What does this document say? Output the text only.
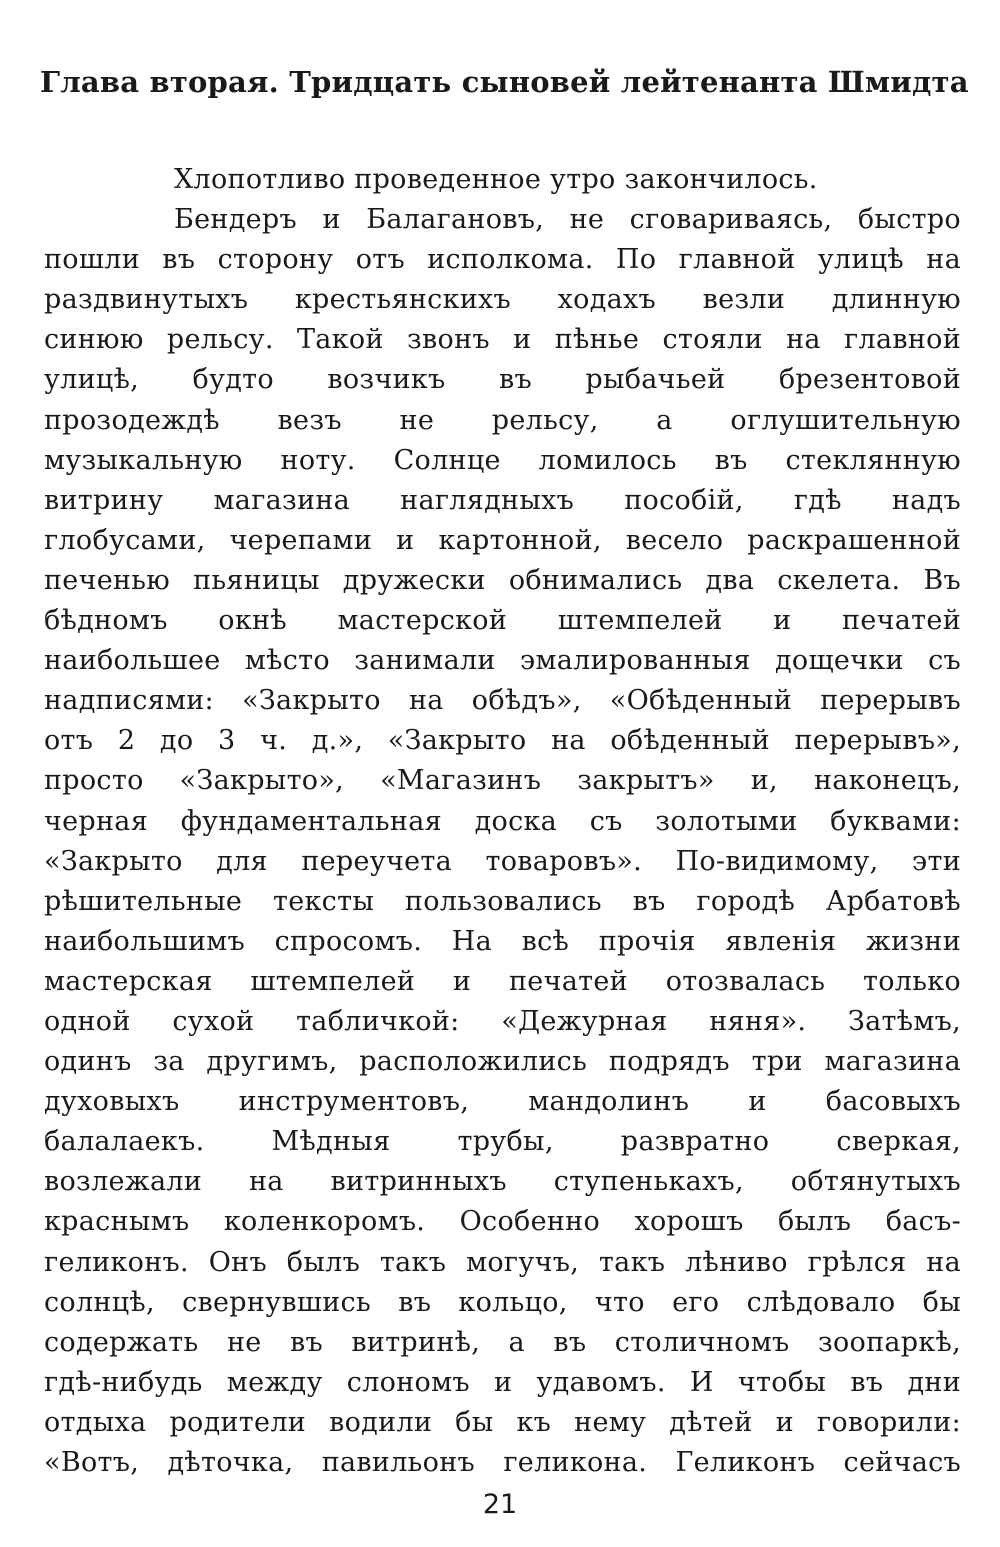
Глава вторая. Тридцать сыновей лейтенанта Шмидта
Хлопотливо проведенное утро закончилось.
Бендеръ и Балагановъ, не сговариваясь, быстро
пошли въ сторону отъ исполкома. По главной улицѣ на
раздвинутыхъ крестьянскихъ ходахъ везли длинную
синюю рельсу. Такой звонъ и пѣнье стояли на главной
улицѣ, будто возчикъ въ рыбачьей брезентовой
прозодеждѣ везъ не рельсу, а оглушительную
музыкальную ноту. Солнце ломилось въ стеклянную
витрину магазина наглядныхъ пособій, гдѣ надъ
глобусами, черепами и картонной, весело раскрашенной
печенью пьяницы дружески обнимались два скелета. Въ
бѣдномъ окнѣ мастерской штемпелей и печатей
наибольшее мѣсто занимали эмалированныя дощечки съ
надписями: «Закрыто на обѣдъ», «Обѣденный перерывъ
отъ 2 до 3 ч. д.», «Закрыто на обѣденный перерывъ»,
просто «Закрыто», «Магазинъ закрытъ» и, наконецъ,
черная фундаментальная доска съ золотыми буквами:
«Закрыто для переучета товаровъ». По-видимому, эти
рѣшительные тексты пользовались въ городѣ Арбатовѣ
наибольшимъ спросомъ. На всѣ прочія явленія жизни
мастерская штемпелей и печатей отозвалась только
одной сухой табличкой: «Дежурная няня». Затѣмъ,
одинъ за другимъ, расположились подрядъ три магазина
духовыхъ инструментовъ, мандолинъ и басовыхъ
балалаекъ. Мѣдныя трубы, развратно сверкая,
возлежали на витринныхъ ступенькахъ, обтянутыхъ
краснымъ коленкоромъ. Особенно хорошъ былъ басъ-
геликонъ. Онъ былъ такъ могучъ, такъ лѣниво грѣлся на
солнцѣ, свернувшись въ кольцо, что его слѣдовало бы
содержать не въ витринѣ, а въ столичномъ зоопаркѣ,
гдѣ-нибудь между слономъ и удавомъ. И чтобы въ дни
отдыха родители водили бы къ нему дѣтей и говорили:
«Вотъ, дѣточка, павильонъ геликона. Геликонъ сейчасъ
21
